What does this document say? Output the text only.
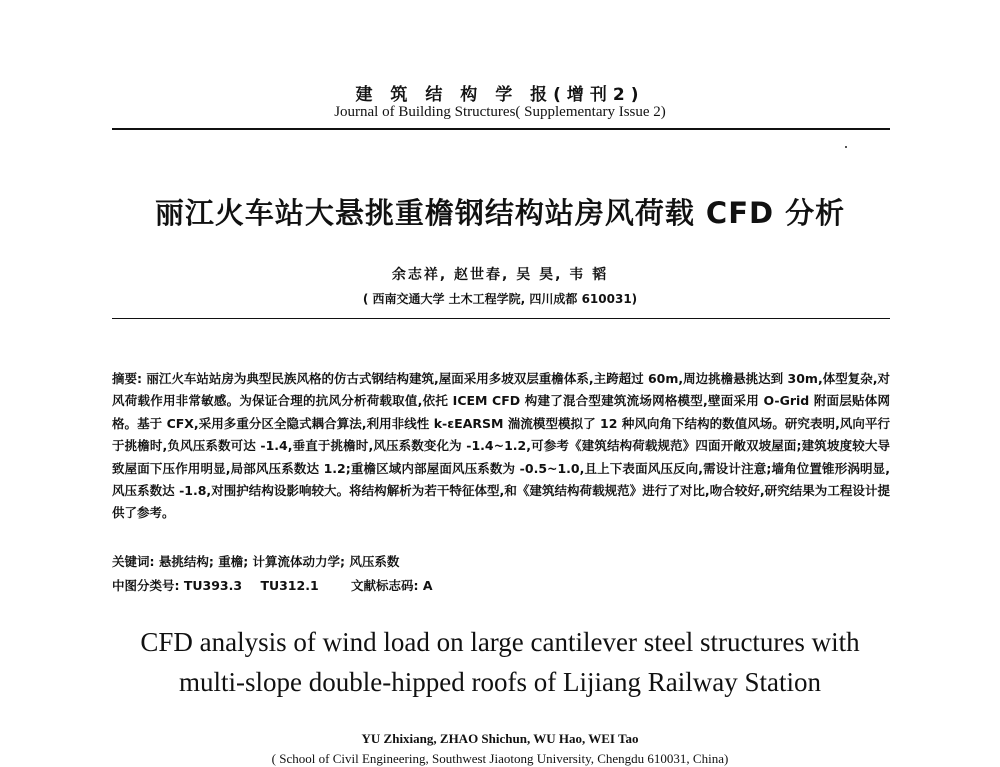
建 筑 结 构 学 报(增刊2)
Journal of Building Structures( Supplementary Issue 2)
丽江火车站大悬挑重檐钢结构站房风荷载 CFD 分析
余志祥, 赵世春, 吴 昊, 韦 韬
( 西南交通大学 土木工程学院, 四川成都 610031)
摘要: 丽江火车站站房为典型民族风格的仿古式钢结构建筑,屋面采用多坡双层重檐体系,主跨超过 60m,周边挑檐悬挑达到 30m,体型复杂,对风荷载作用非常敏感。为保证合理的抗风分析荷载取值,依托 ICEM CFD 构建了混合型建筑流场网格模型,壁面采用 O-Grid 附面层贴体网格。基于 CFX,采用多重分区全隐式耦合算法,利用非线性 k-εEARSM 湍流模型模拟了 12 种风向角下结构的数值风场。研究表明,风向平行于挑檐时,负风压系数可达 -1.4,垂直于挑檐时,风压系数变化为 -1.4~1.2,可参考《建筑结构荷载规范》四面开敞双坡屋面;建筑坡度较大导致屋面下压作用明显,局部风压系数达 1.2;重檐区域内部屋面风压系数为 -0.5~1.0,且上下表面风压反向,需设计注意;墙角位置锥形涡明显,风压系数达 -1.8,对围护结构设影响较大。将结构解析为若干特征体型,和《建筑结构荷载规范》进行了对比,吻合较好,研究结果为工程设计提供了参考。
关键词: 悬挑结构; 重檐; 计算流体动力学; 风压系数
中图分类号: TU393.3 TU312.1	文献标志码: A
CFD analysis of wind load on large cantilever steel structures with
multi-slope double-hipped roofs of Lijiang Railway Station
YU Zhixiang, ZHAO Shichun, WU Hao, WEI Tao
( School of Civil Engineering, Southwest Jiaotong University, Chengdu 610031, China)
